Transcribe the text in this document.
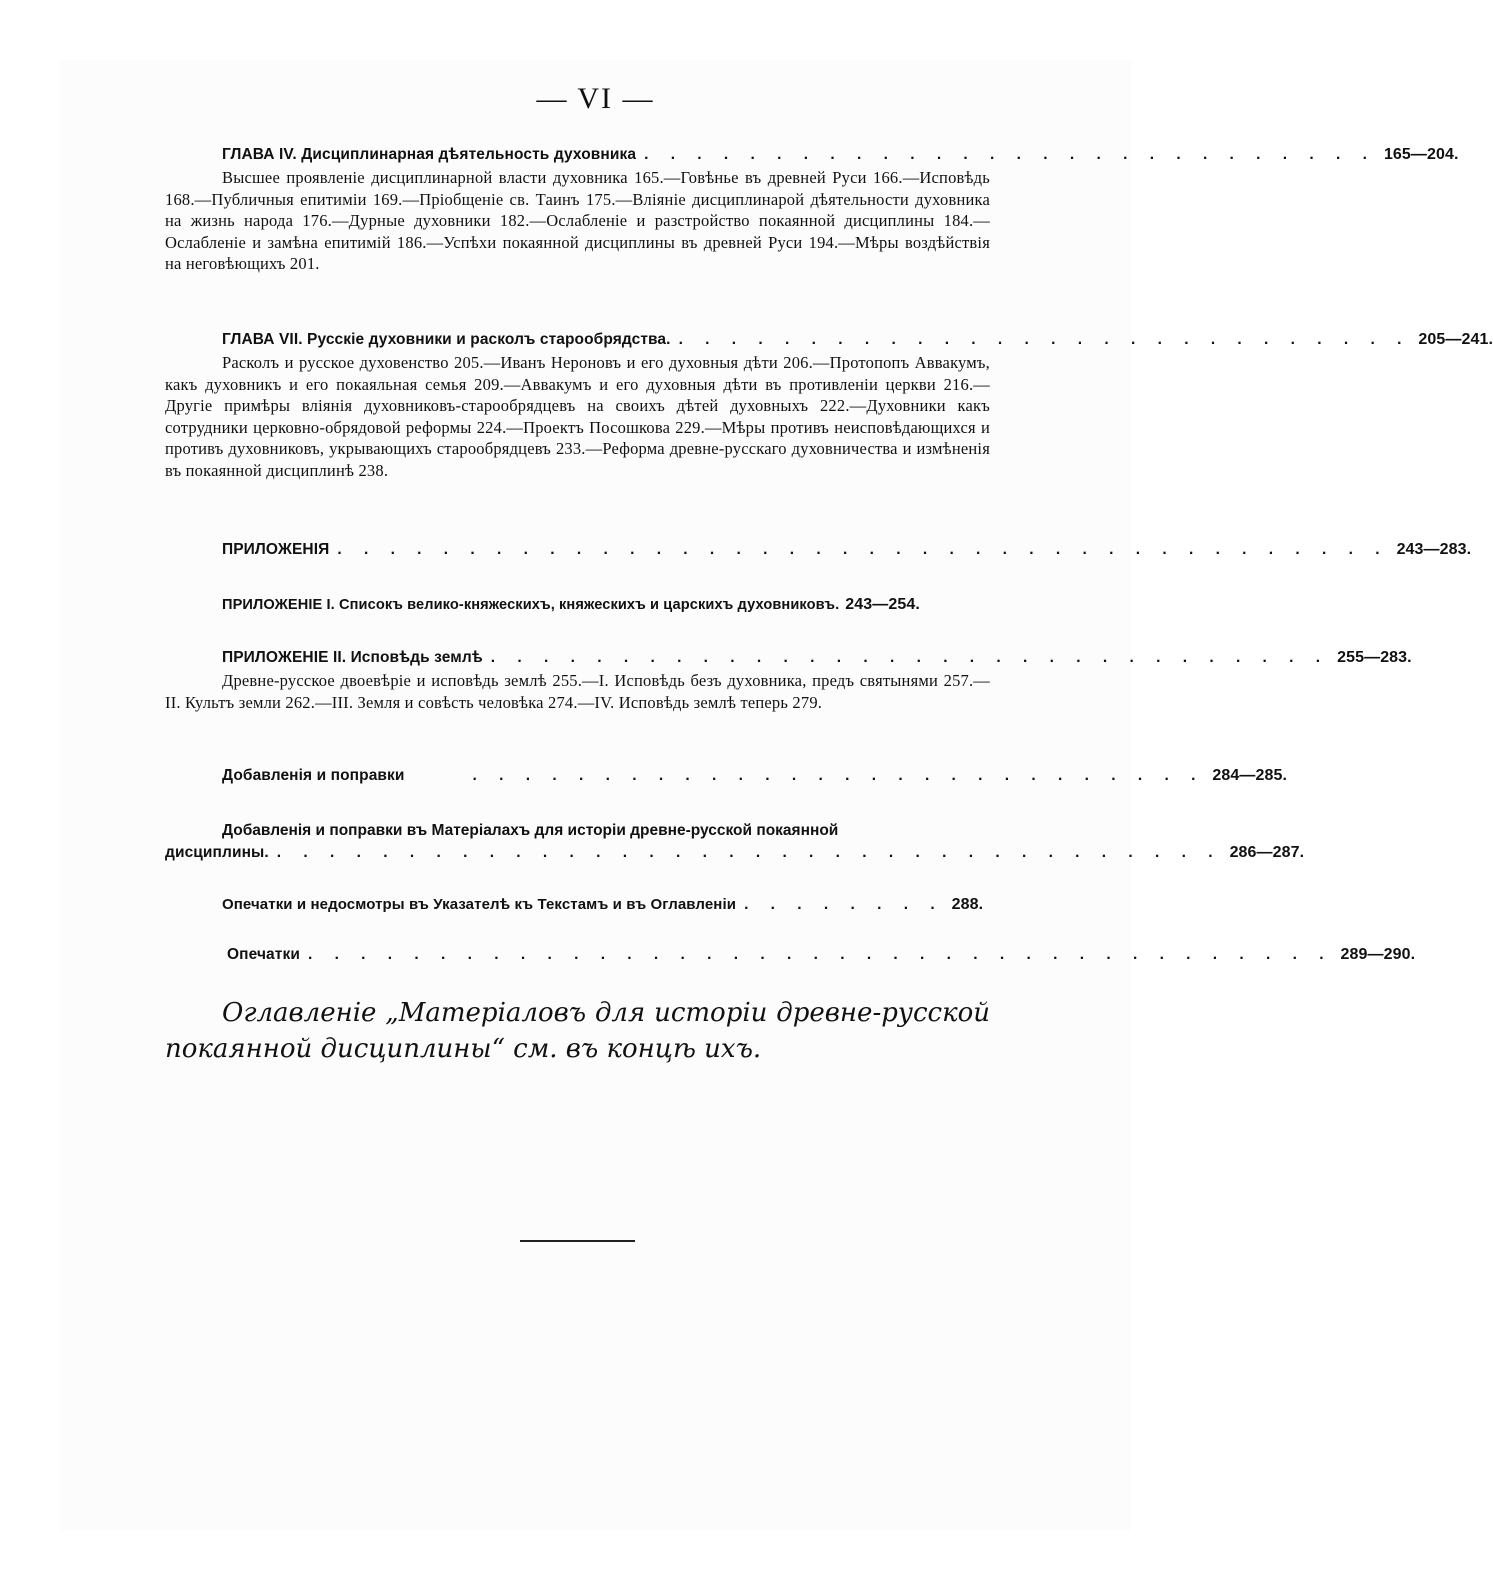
— VI —
ГЛАВА IV. Дисциплинарная дѣятельность духовника . . . . . . . . . . . . . . . . . . . . . . . . . . . . 165—204.
Высшее проявленіе дисциплинарной власти духовника 165.—Говѣнье въ древней Руси 166.—Исповѣдь 168.—Публичныя епитиміи 169.—Пріобщеніе св. Таинъ 175.—Вліяніе дисциплинарой дѣятельности духовника на жизнь народа 176.—Дурные духовники 182.—Ослабленіе и разстройство покаянной дисциплины 184.—Ослабленіе и замѣна епитимій 186.—Успѣхи покаянной дисциплины въ древней Руси 194.—Мѣры воздѣйствія на неговѣющихъ 201.
ГЛАВА VII. Русскіе духовники и расколъ старообрядства. . . . . . . . . . . . . . . . . . . . . . . . . . . . . 205—241.
Расколъ и русское духовенство 205.—Иванъ Нероновъ и его духовныя дѣти 206.—Протопопъ Аввакумъ, какъ духовникъ и его покаяльная семья 209.—Аввакумъ и его духовныя дѣти въ противленіи церкви 216.—Другіе примѣры вліянія духовниковъ-старообрядцевъ на своихъ дѣтей духовныхъ 222.—Духовники какъ сотрудники церковно-обрядовой реформы 224.—Проектъ Посошкова 229.—Мѣры противъ неисповѣдающихся и противъ духовниковъ, укрывающихъ старообрядцевъ 233.—Реформа древне-русскаго духовничества и измѣненія въ покаянной дисциплинѣ 238.
ПРИЛОЖЕНІЯ . . . . . . . . . . . . . . . . . . . . . . . . . . . . . . . . . . . . . . . . 243—283.
ПРИЛОЖЕНІЕ I. Списокъ велико-княжескихъ, княжескихъ и царскихъ духовниковъ. 243—254.
ПРИЛОЖЕНІЕ II. Исповѣдь землѣ . . . . . . . . . . . . . . . . . . . . . . . . . . . . . . . . 255—283.
Древне-русское двоевѣріе и исповѣдь землѣ 255.—I. Исповѣдь безъ духовника, предъ святынями 257.—II. Культъ земли 262.—III. Земля и совѣсть человѣка 274.—IV. Исповѣдь землѣ теперь 279.
Добавленія и поправки	. . . . . . . . . . . . . . . . . . . . . . . . . . . . 284—285.
Добавленія и поправки въ Матеріалахъ для исторіи древне-русской покаянной
дисциплины. . . . . . . . . . . . . . . . . . . . . . . . . . . . . . . . . . . . . 286—287.
Опечатки и недосмотры въ Указателѣ къ Текстамъ и въ Оглавленіи . . . . . . . . 288.
Опечатки . . . . . . . . . . . . . . . . . . . . . . . . . . . . . . . . . . . . . . . 289—290.
Оглавленіе „Матеріаловъ для исторіи древне-русской покаянной дисциплины“ см. въ концѣ ихъ.
